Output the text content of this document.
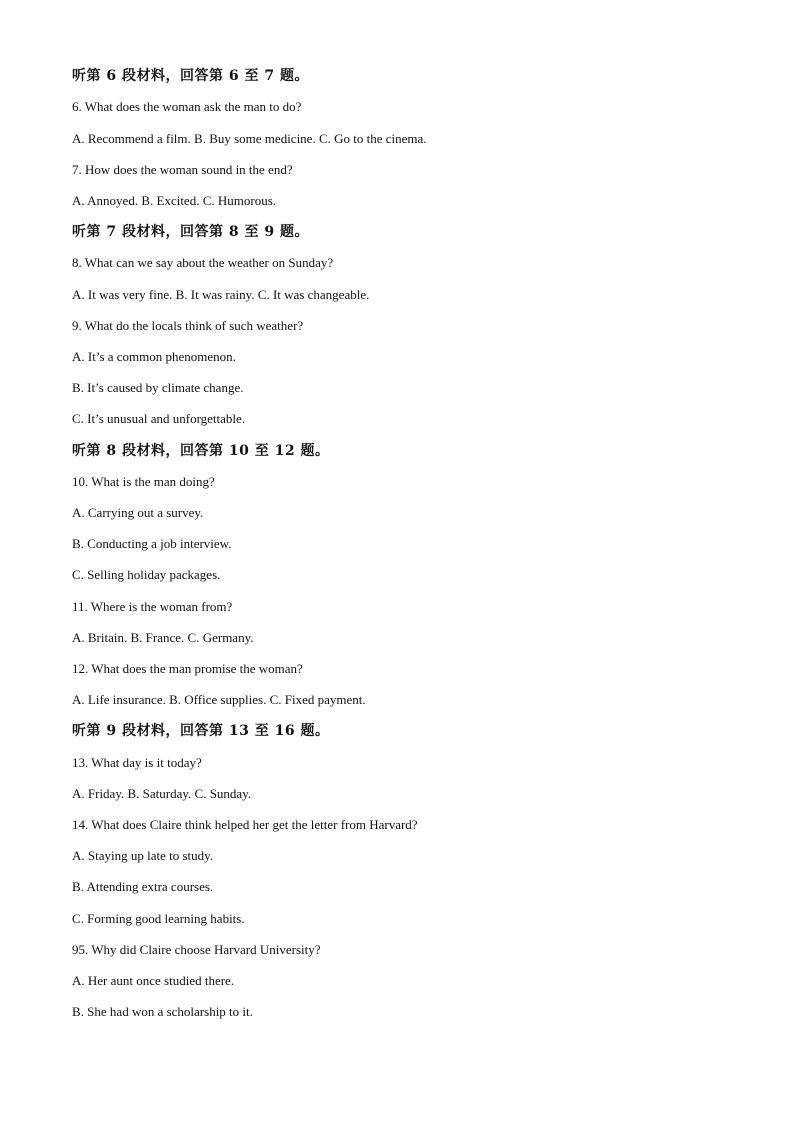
听第 6 段材料，回答第 6 至 7 题。
6. What does the woman ask the man to do?
A. Recommend a film. B. Buy some medicine. C. Go to the cinema.
7. How does the woman sound in the end?
A. Annoyed. B. Excited. C. Humorous.
听第 7 段材料，回答第 8 至 9 题。
8. What can we say about the weather on Sunday?
A. It was very fine. B. It was rainy. C. It was changeable.
9. What do the locals think of such weather?
A. It’s a common phenomenon.
B. It’s caused by climate change.
C. It’s unusual and unforgettable.
听第 8 段材料，回答第 10 至 12 题。
10. What is the man doing?
A. Carrying out a survey.
B. Conducting a job interview.
C. Selling holiday packages.
11. Where is the woman from?
A. Britain. B. France. C. Germany.
12. What does the man promise the woman?
A. Life insurance. B. Office supplies. C. Fixed payment.
听第 9 段材料，回答第 13 至 16 题。
13. What day is it today?
A. Friday. B. Saturday. C. Sunday.
14. What does Claire think helped her get the letter from Harvard?
A. Staying up late to study.
B. Attending extra courses.
C. Forming good learning habits.
95. Why did Claire choose Harvard University?
A. Her aunt once studied there.
B. She had won a scholarship to it.
